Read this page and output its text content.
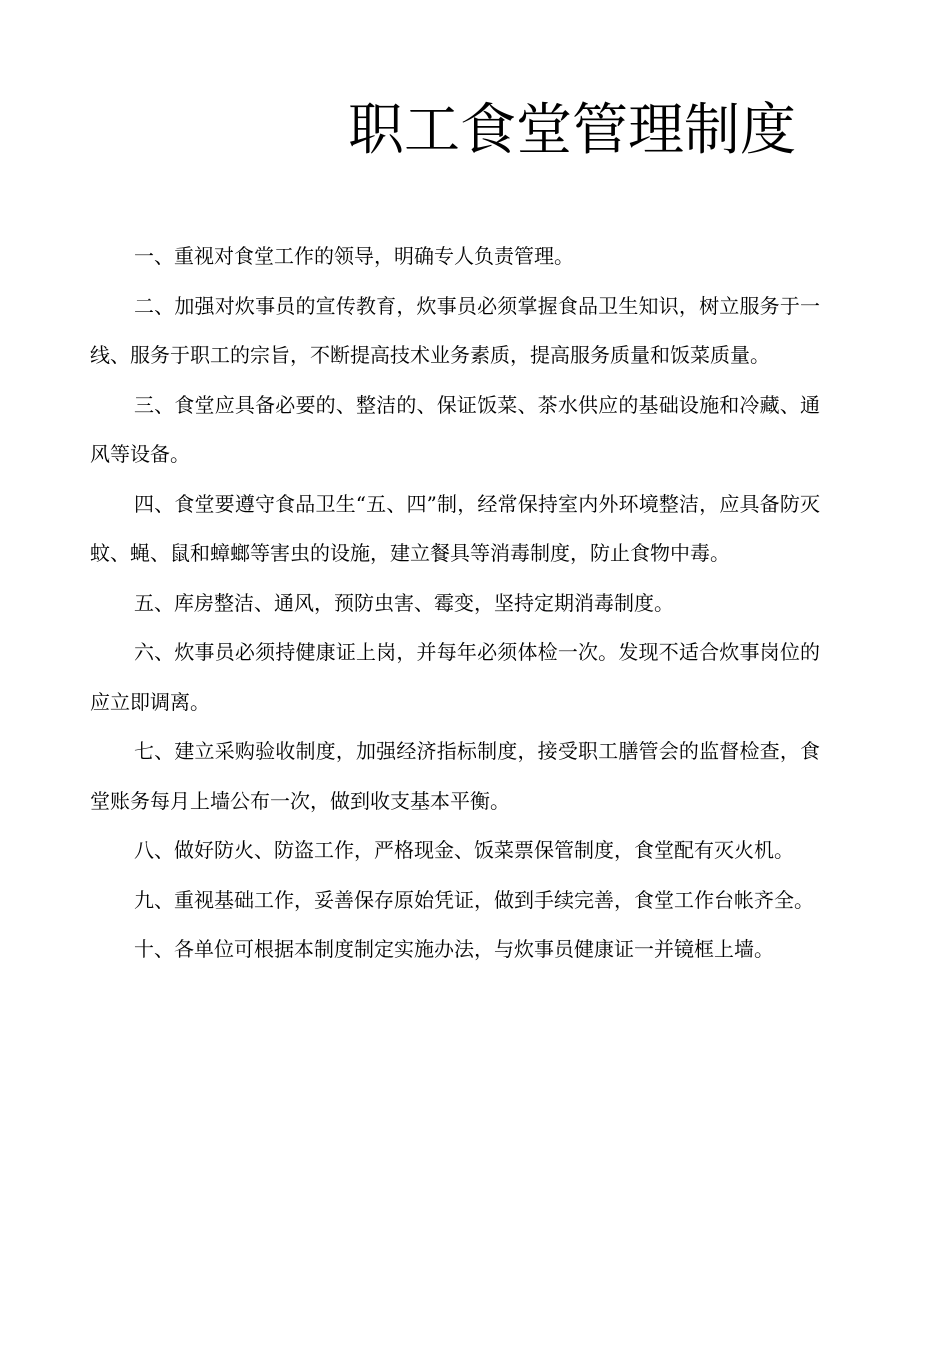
职工食堂管理制度

一、重视对食堂工作的领导，明确专人负责管理。

二、加强对炊事员的宣传教育，炊事员必须掌握食品卫生知识，树立服务于一线、服务于职工的宗旨，不断提高技术业务素质，提高服务质量和饭菜质量。

三、食堂应具备必要的、整洁的、保证饭菜、茶水供应的基础设施和冷藏、通风等设备。

四、食堂要遵守食品卫生“五、四”制，经常保持室内外环境整洁，应具备防灭蚊、蝇、鼠和蟑螂等害虫的设施，建立餐具等消毒制度，防止食物中毒。

五、库房整洁、通风，预防虫害、霉变，坚持定期消毒制度。

六、炊事员必须持健康证上岗，并每年必须体检一次。发现不适合炊事岗位的应立即调离。

七、建立采购验收制度，加强经济指标制度，接受职工膳管会的监督检查，食堂账务每月上墙公布一次，做到收支基本平衡。

八、做好防火、防盗工作，严格现金、饭菜票保管制度，食堂配有灭火机。

九、重视基础工作，妥善保存原始凭证，做到手续完善，食堂工作台帐齐全。

十、各单位可根据本制度制定实施办法，与炊事员健康证一并镜框上墙。
